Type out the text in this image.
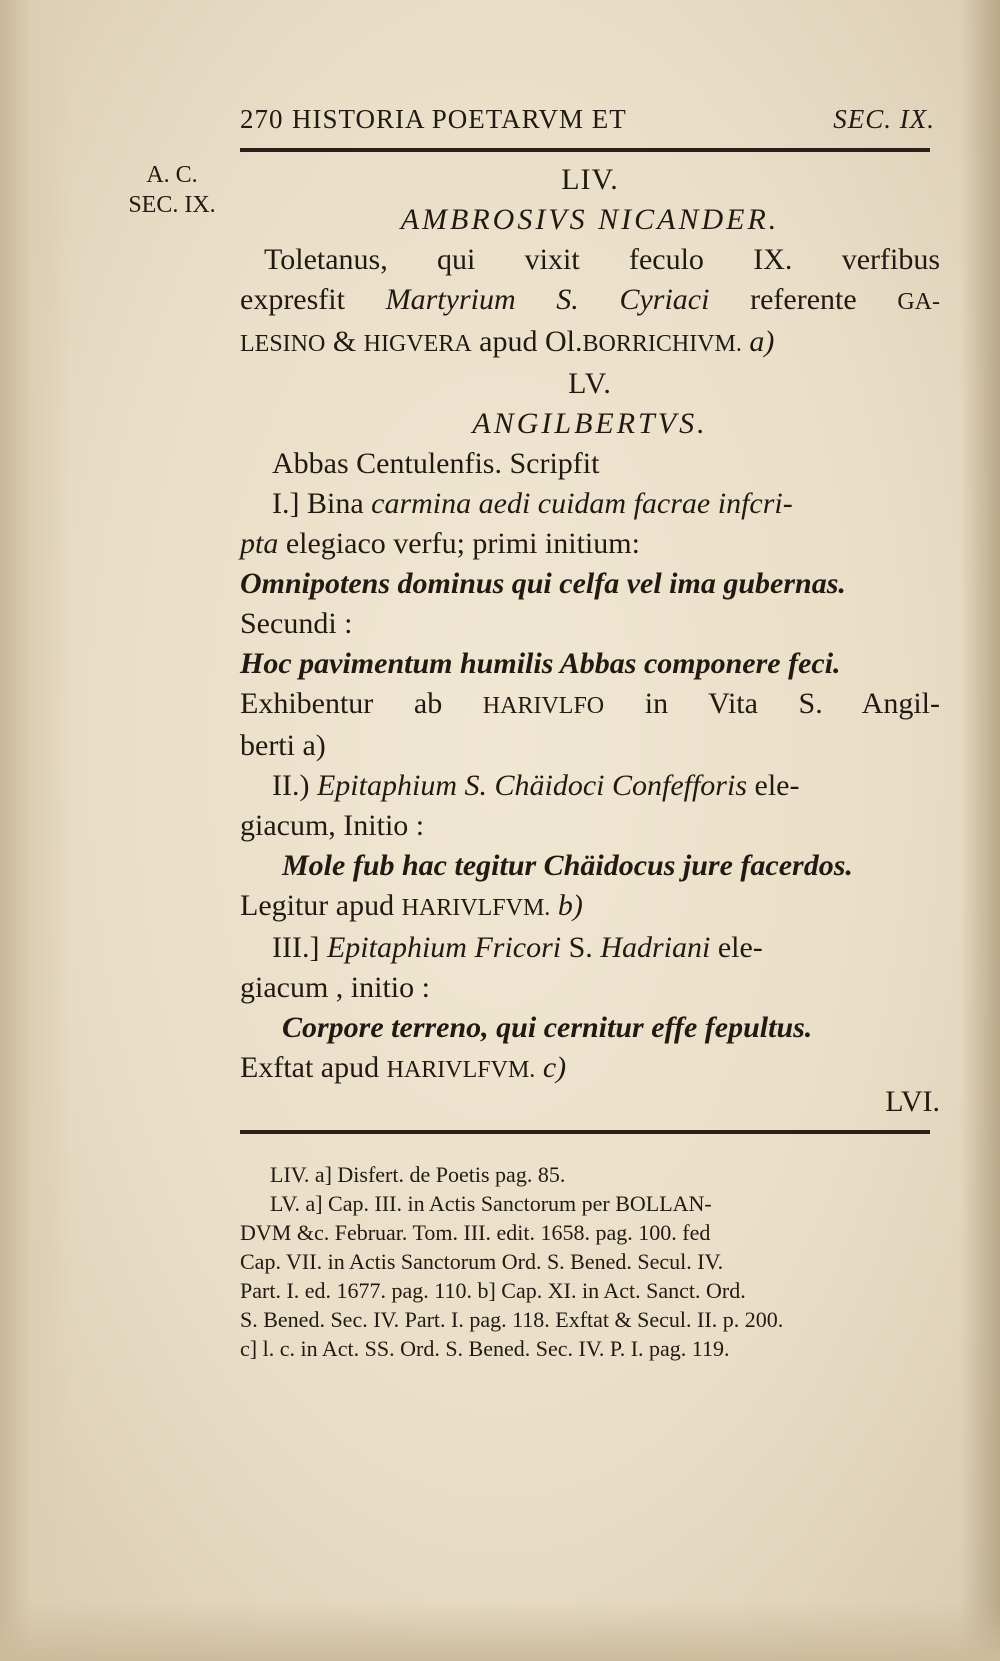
270 HISTORIA POETARVM ET	SEC. IX.
A. C.
SEC. IX.
LIV.
AMBROSIVS NICANDER.
Toletanus, qui vixit feculo IX. verfibus
expresfit Martyrium S. Cyriaci referente GA-
LESINO & HIGVERA apud Ol.BORRICHIVM. a)
LV.
ANGILBERTVS.
Abbas Centulenfis. Scripfit
I.] Bina carmina aedi cuidam facrae infcri-
pta elegiaco verfu; primi initium:
Omnipotens dominus qui celfa vel ima gubernas.
Secundi :
Hoc pavimentum humilis Abbas componere feci.
Exhibentur ab HARIVLFO in Vita S. Angil-
berti a)
II.) Epitaphium S. Chäidoci Confefforis ele-
giacum, Initio :
Mole fub hac tegitur Chäidocus jure facerdos.
Legitur apud HARIVLFVM. b)
III.] Epitaphium Fricori S. Hadriani ele-
giacum , initio :
Corpore terreno, qui cernitur effe fepultus.
Exftat apud HARIVLFVM. c)
LVI.
LIV. a] Disfert. de Poetis pag. 85.
LV. a] Cap. III. in Actis Sanctorum per BOLLAN-
DVM &c. Februar. Tom. III. edit. 1658. pag. 100. fed
Cap. VII. in Actis Sanctorum Ord. S. Bened. Secul. IV.
Part. I. ed. 1677. pag. 110. b] Cap. XI. in Act. Sanct. Ord.
S. Bened. Sec. IV. Part. I. pag. 118. Exftat & Secul. II. p. 200.
c] l. c. in Act. SS. Ord. S. Bened. Sec. IV. P. I. pag. 119.
